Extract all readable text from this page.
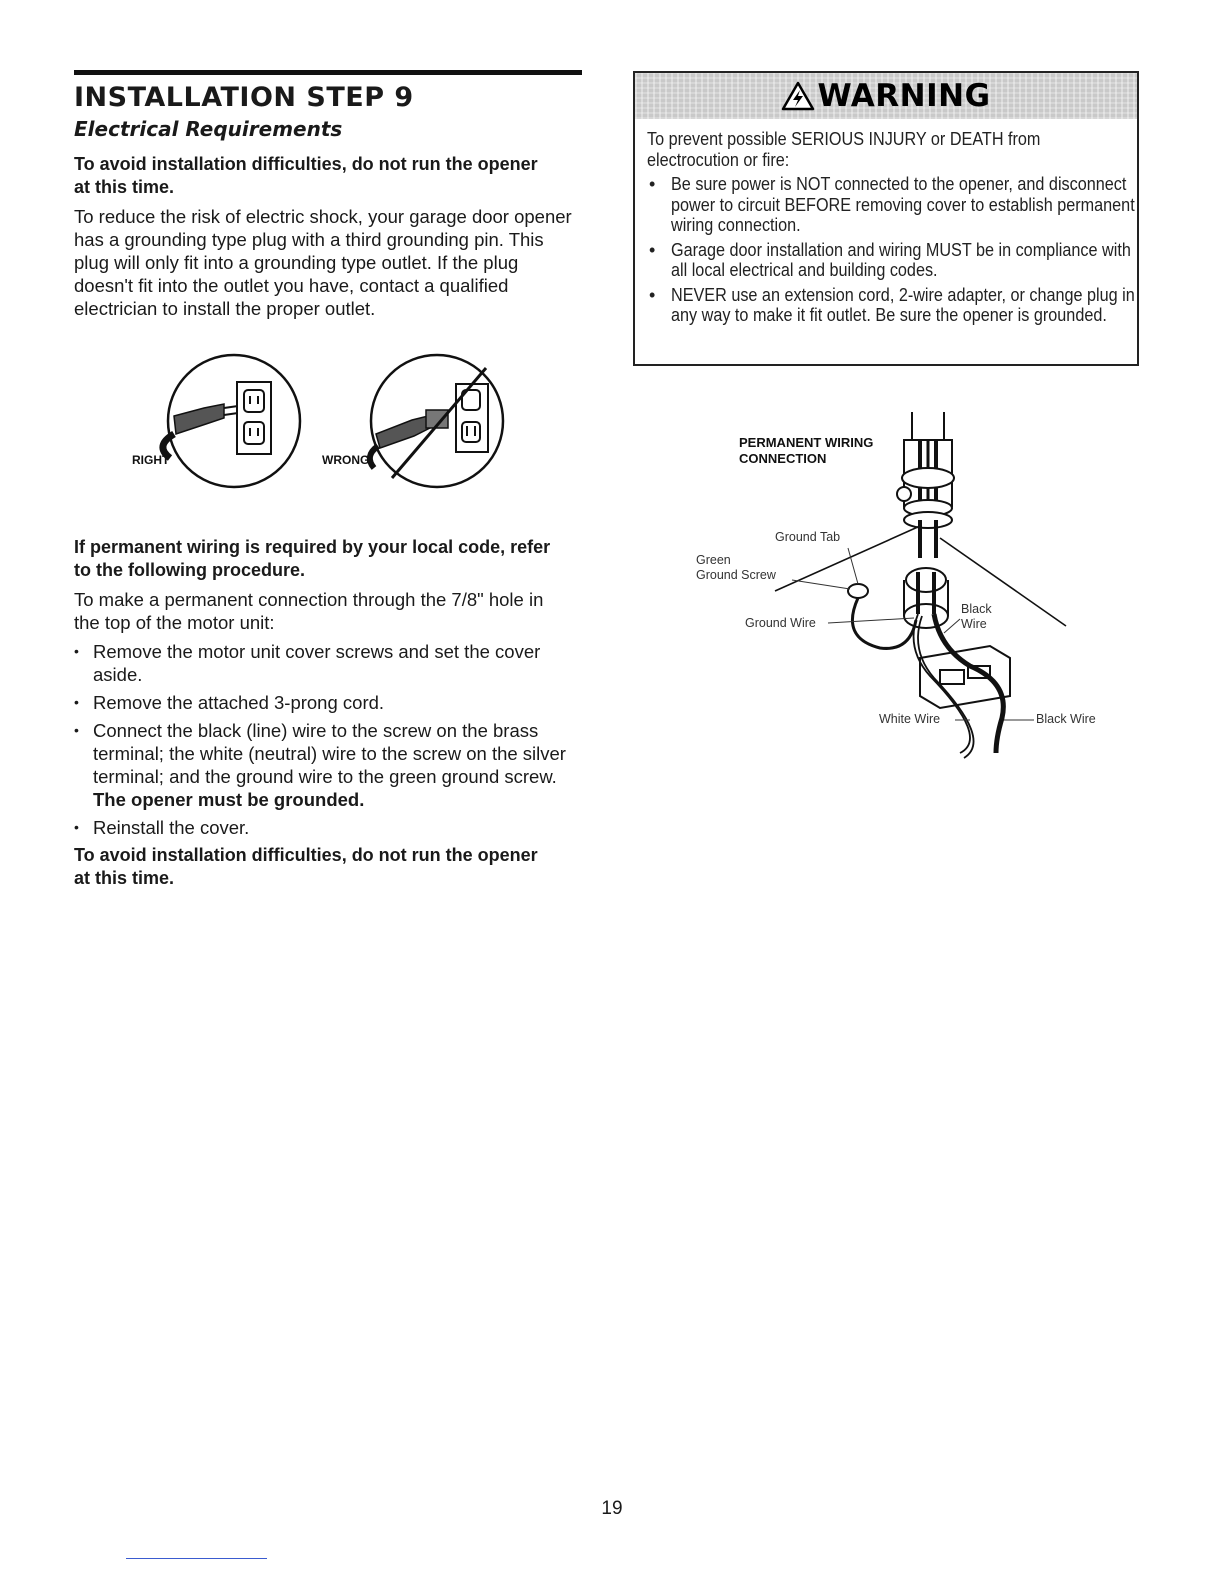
INSTALLATION STEP 9
Electrical Requirements

To avoid installation difficulties, do not run the opener at this time.

To reduce the risk of electric shock, your garage door opener has a grounding type plug with a third grounding pin. This plug will only fit into a grounding type outlet. If the plug doesn't fit into the outlet you have, contact a qualified electrician to install the proper outlet.

RIGHT	WRONG

If permanent wiring is required by your local code, refer to the following procedure.

To make a permanent connection through the 7/8" hole in the top of the motor unit:

• Remove the motor unit cover screws and set the cover aside.
• Remove the attached 3-prong cord.
• Connect the black (line) wire to the screw on the brass terminal; the white (neutral) wire to the screw on the silver terminal; and the ground wire to the green ground screw. The opener must be grounded.
• Reinstall the cover.

To avoid installation difficulties, do not run the opener at this time.

WARNING

To prevent possible SERIOUS INJURY or DEATH from electrocution or fire:

• Be sure power is NOT connected to the opener, and disconnect power to circuit BEFORE removing cover to establish permanent wiring connection.
• Garage door installation and wiring MUST be in compliance with all local electrical and building codes.
• NEVER use an extension cord, 2-wire adapter, or change plug in any way to make it fit outlet. Be sure the opener is grounded.
PERMANENT WIRING
CONNECTION
Ground Tab
Green
Ground Screw
Ground Wire
Black
Wire
White Wire	Black Wire
19
